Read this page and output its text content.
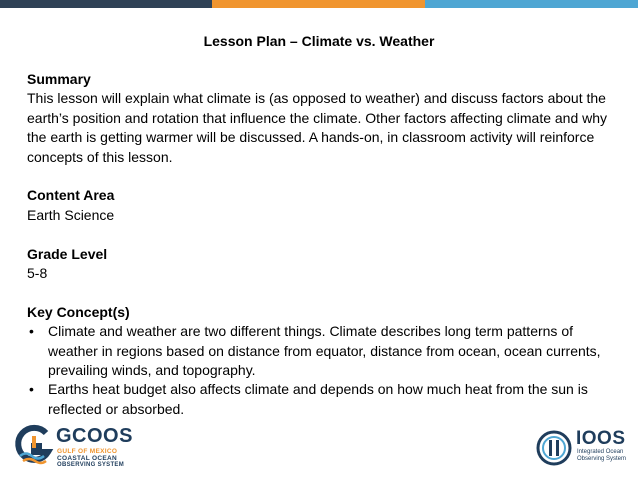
Lesson Plan – Climate vs. Weather

Summary

This lesson will explain what climate is (as opposed to weather) and discuss factors about the earth’s position and rotation that influence the climate. Other factors affecting climate and why the earth is getting warmer will be discussed. A hands-on, in classroom activity will reinforce concepts of this lesson.

Content Area

Earth Science

Grade Level

5-8

Key Concept(s)

• Climate and weather are two different things. Climate describes long term patterns of weather in regions based on distance from equator, distance from ocean, ocean currents, prevailing winds, and topography.
• Earths heat budget also affects climate and depends on how much heat from the sun is reflected or absorbed.
GCOOS
GULF OF MEXICO
COASTAL OCEAN
OBSERVING SYSTEM
IOOS
Integrated Ocean
Observing System
